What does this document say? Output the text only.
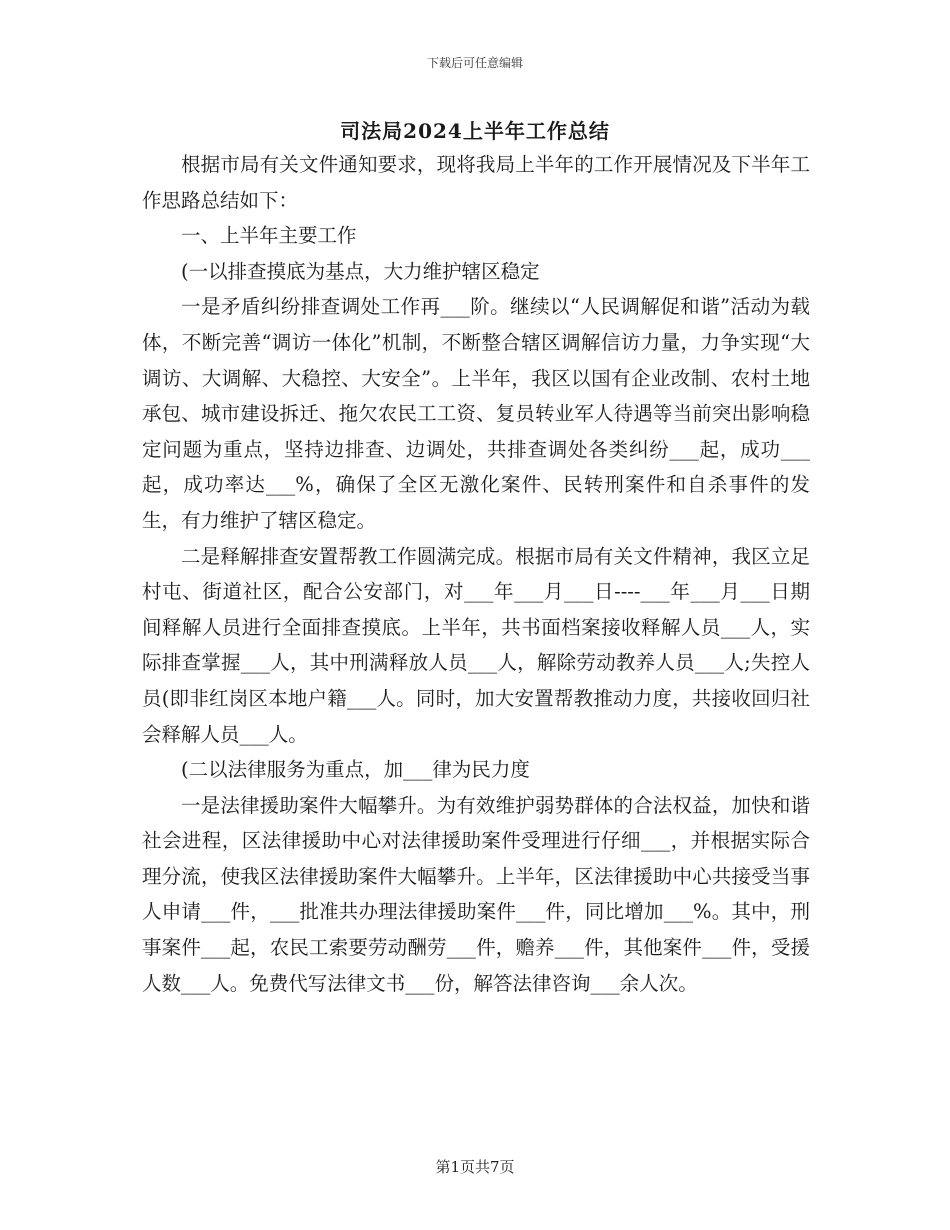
下载后可任意编辑
司法局2024上半年工作总结

根据市局有关文件通知要求，现将我局上半年的工作开展情况及下半年工作思路总结如下：

一、上半年主要工作

(一以排查摸底为基点，大力维护辖区稳定

一是矛盾纠纷排查调处工作再___阶。继续以“人民调解促和谐”活动为载体，不断完善“调访一体化”机制，不断整合辖区调解信访力量，力争实现“大调访、大调解、大稳控、大安全”。上半年，我区以国有企业改制、农村土地承包、城市建设拆迁、拖欠农民工工资、复员转业军人待遇等当前突出影响稳定问题为重点，坚持边排查、边调处，共排查调处各类纠纷___起，成功___起，成功率达___%，确保了全区无激化案件、民转刑案件和自杀事件的发生，有力维护了辖区稳定。

二是释解排查安置帮教工作圆满完成。根据市局有关文件精神，我区立足村屯、街道社区，配合公安部门，对___年___月___日----___年___月___日期间释解人员进行全面排查摸底。上半年，共书面档案接收释解人员___人，实际排查掌握___人，其中刑满释放人员___人，解除劳动教养人员___人;失控人员(即非红岗区本地户籍___人。同时，加大安置帮教推动力度，共接收回归社会释解人员___人。

(二以法律服务为重点，加___律为民力度

一是法律援助案件大幅攀升。为有效维护弱势群体的合法权益，加快和谐社会进程，区法律援助中心对法律援助案件受理进行仔细___，并根据实际合理分流，使我区法律援助案件大幅攀升。上半年，区法律援助中心共接受当事人申请___件，___批准共办理法律援助案件___件，同比增加___%。其中，刑事案件___起，农民工索要劳动酬劳___件，赡养___件，其他案件___件，受援人数___人。免费代写法律文书___份，解答法律咨询___余人次。

第1页共7页
